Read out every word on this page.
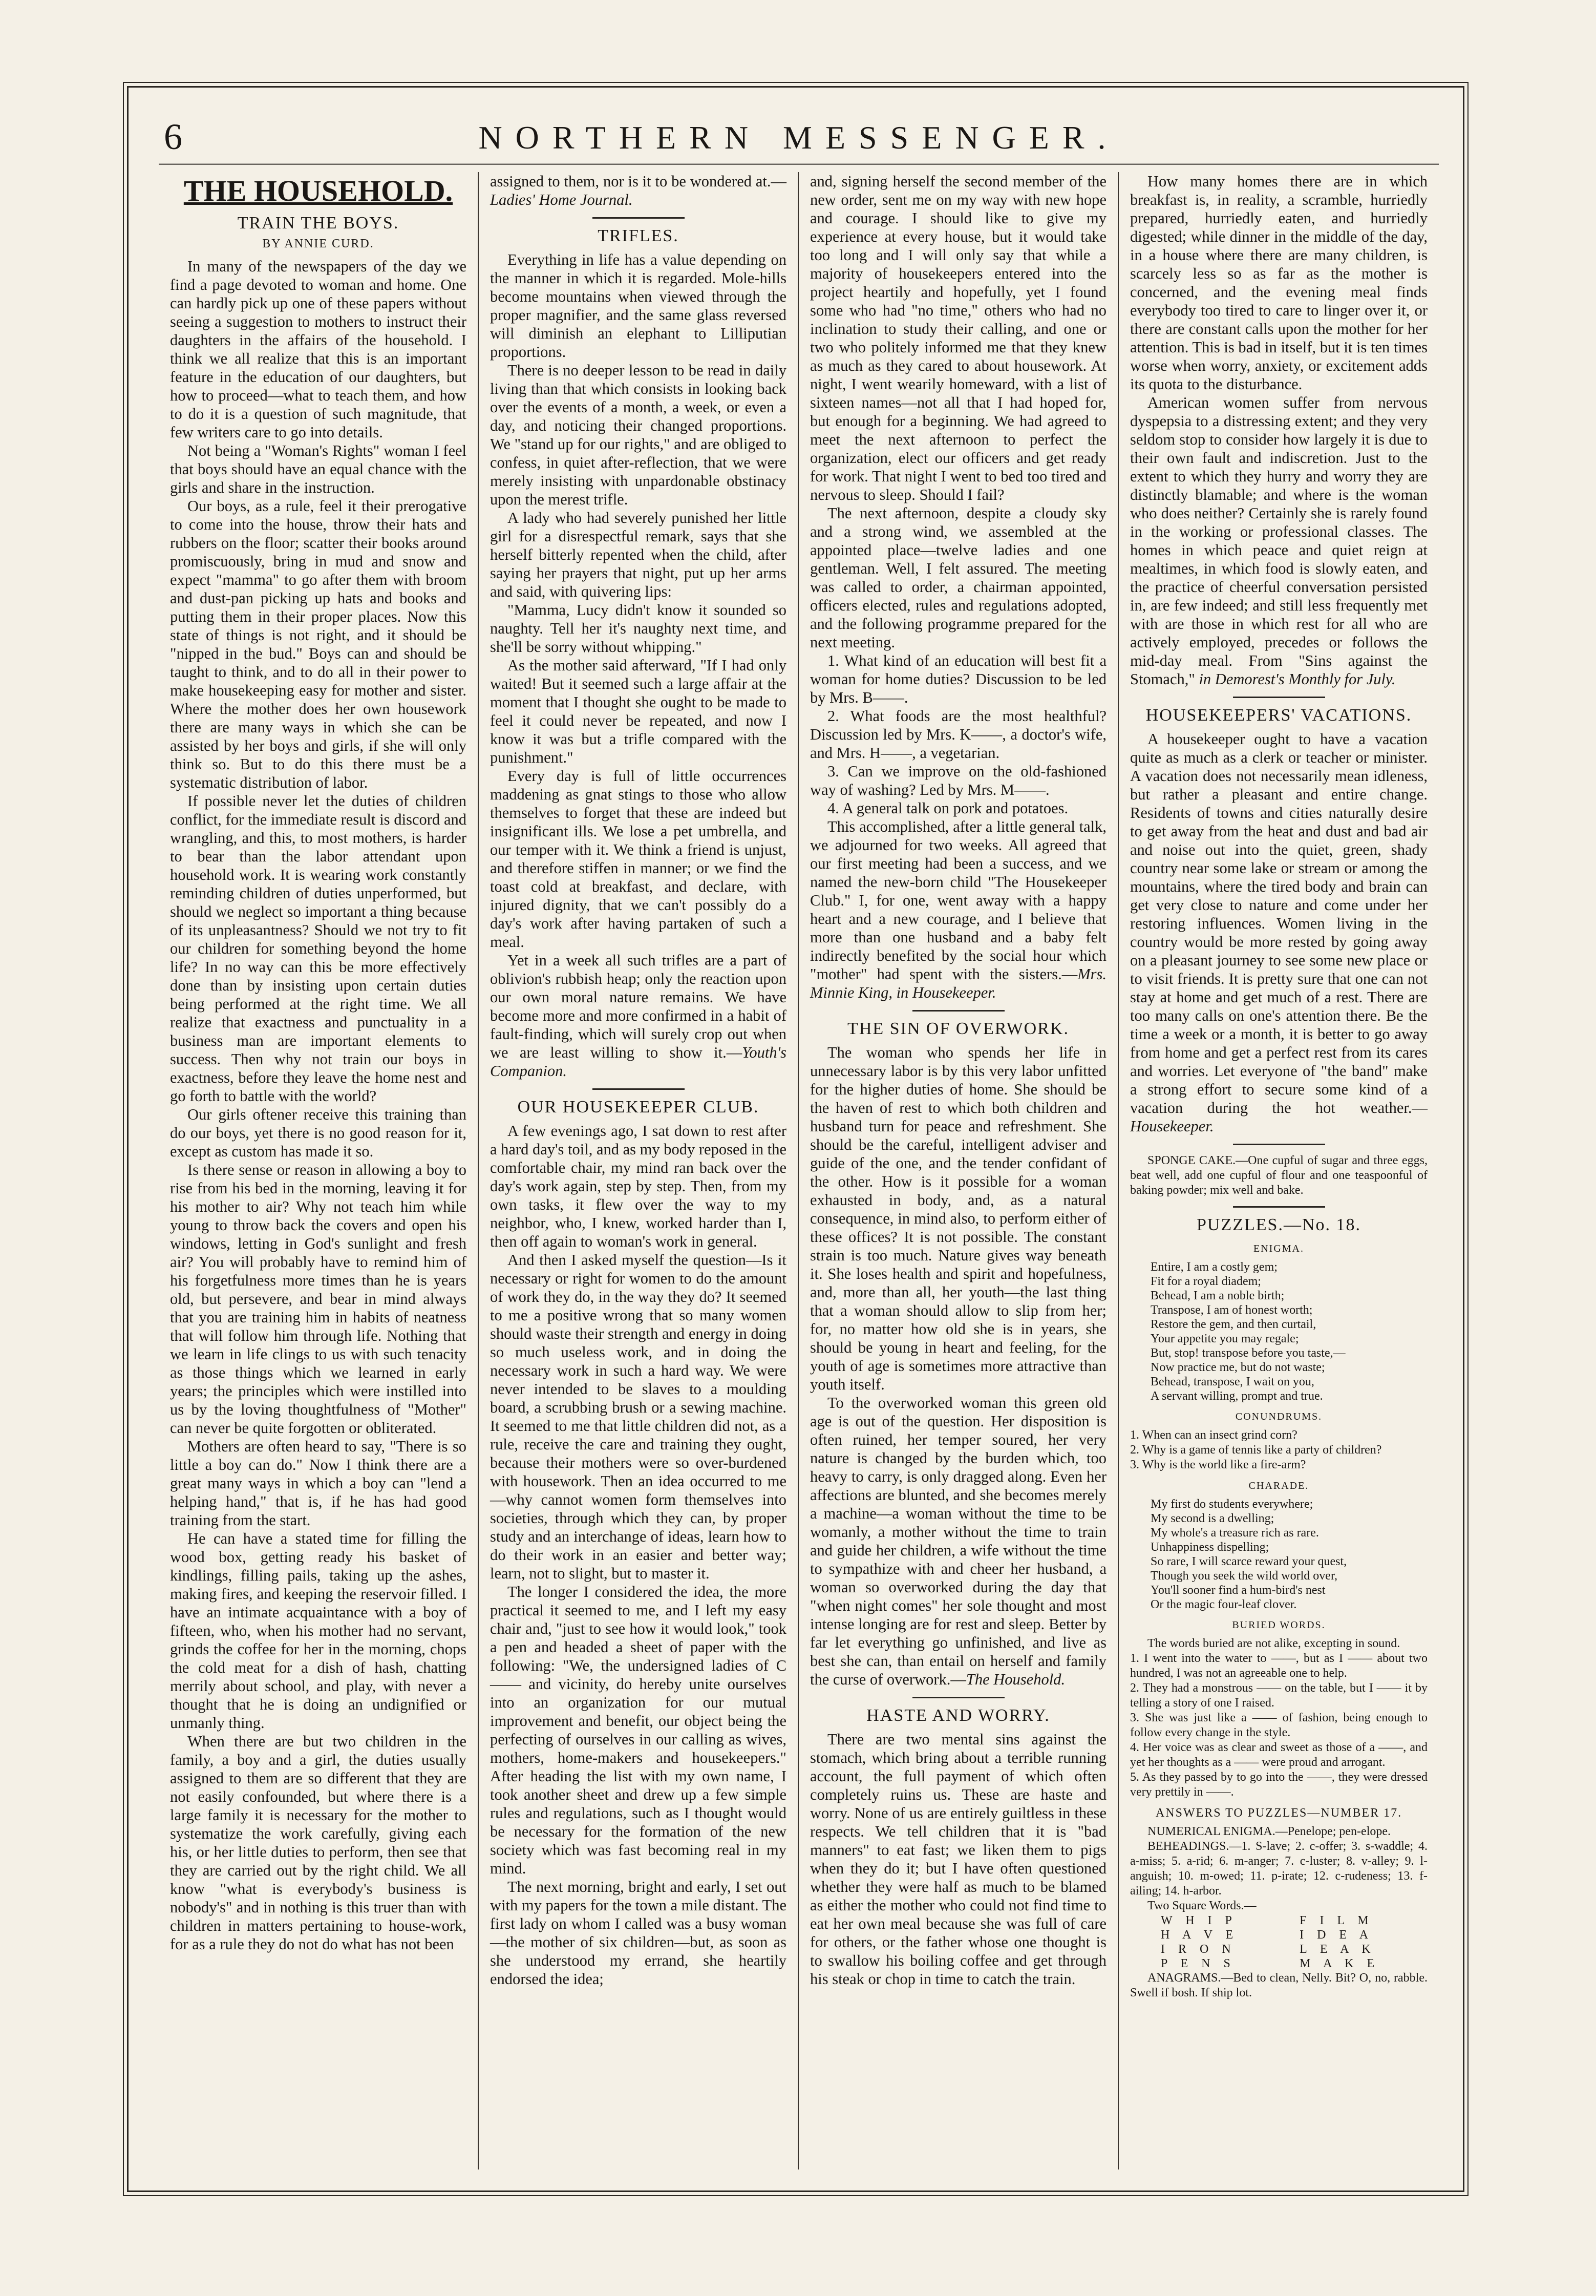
6	NORTHERN MESSENGER.
THE HOUSEHOLD.
TRAIN THE BOYS.
BY ANNIE CURD.

In many of the newspapers of the day we find a page devoted to woman and home. One can hardly pick up one of these papers without seeing a suggestion to mothers to instruct their daughters in the affairs of the household. I think we all realize that this is an important feature in the education of our daughters, but how to proceed—what to teach them, and how to do it is a question of such magnitude, that few writers care to go into details.

Not being a "Woman's Rights" woman I feel that boys should have an equal chance with the girls and share in the instruction.

Our boys, as a rule, feel it their prerogative to come into the house, throw their hats and rubbers on the floor; scatter their books around promiscuously, bring in mud and snow and expect "mamma" to go after them with broom and dust-pan picking up hats and books and putting them in their proper places. Now this state of things is not right, and it should be "nipped in the bud." Boys can and should be taught to think, and to do all in their power to make housekeeping easy for mother and sister. Where the mother does her own housework there are many ways in which she can be assisted by her boys and girls, if she will only think so. But to do this there must be a systematic distribution of labor.

If possible never let the duties of children conflict, for the immediate result is discord and wrangling, and this, to most mothers, is harder to bear than the labor attendant upon household work. It is wearing work constantly reminding children of duties unperformed, but should we neglect so important a thing because of its unpleasantness? Should we not try to fit our children for something beyond the home life? In no way can this be more effectively done than by insisting upon certain duties being performed at the right time. We all realize that exactness and punctuality in a business man are important elements to success. Then why not train our boys in exactness, before they leave the home nest and go forth to battle with the world?

Our girls oftener receive this training than do our boys, yet there is no good reason for it, except as custom has made it so.

Is there sense or reason in allowing a boy to rise from his bed in the morning, leaving it for his mother to air? Why not teach him while young to throw back the covers and open his windows, letting in God's sunlight and fresh air? You will probably have to remind him of his forgetfulness more times than he is years old, but persevere, and bear in mind always that you are training him in habits of neatness that will follow him through life. Nothing that we learn in life clings to us with such tenacity as those things which we learned in early years; the principles which were instilled into us by the loving thoughtfulness of "Mother" can never be quite forgotten or obliterated.

Mothers are often heard to say, "There is so little a boy can do." Now I think there are a great many ways in which a boy can "lend a helping hand," that is, if he has had good training from the start.

He can have a stated time for filling the wood box, getting ready his basket of kindlings, filling pails, taking up the ashes, making fires, and keeping the reservoir filled. I have an intimate acquaintance with a boy of fifteen, who, when his mother had no servant, grinds the coffee for her in the morning, chops the cold meat for a dish of hash, chatting merrily about school, and play, with never a thought that he is doing an undignified or unmanly thing.

When there are but two children in the family, a boy and a girl, the duties usually assigned to them are so different that they are not easily confounded, but where there is a large family it is necessary for the mother to systematize the work carefully, giving each his, or her little duties to perform, then see that they are carried out by the right child. We all know "what is everybody's business is nobody's" and in nothing is this truer than with children in matters pertaining to house-work, for as a rule they do not do what has not been

assigned to them, nor is it to be wondered at.—Ladies' Home Journal.

TRIFLES.

Everything in life has a value depending on the manner in which it is regarded. Mole-hills become mountains when viewed through the proper magnifier, and the same glass reversed will diminish an elephant to Lilliputian proportions.

There is no deeper lesson to be read in daily living than that which consists in looking back over the events of a month, a week, or even a day, and noticing their changed proportions. We "stand up for our rights," and are obliged to confess, in quiet after-reflection, that we were merely insisting with unpardonable obstinacy upon the merest trifle.

A lady who had severely punished her little girl for a disrespectful remark, says that she herself bitterly repented when the child, after saying her prayers that night, put up her arms and said, with quivering lips:

"Mamma, Lucy didn't know it sounded so naughty. Tell her it's naughty next time, and she'll be sorry without whipping."

As the mother said afterward, "If I had only waited! But it seemed such a large affair at the moment that I thought she ought to be made to feel it could never be repeated, and now I know it was but a trifle compared with the punishment."

Every day is full of little occurrences maddening as gnat stings to those who allow themselves to forget that these are indeed but insignificant ills. We lose a pet umbrella, and our temper with it. We think a friend is unjust, and therefore stiffen in manner; or we find the toast cold at breakfast, and declare, with injured dignity, that we can't possibly do a day's work after having partaken of such a meal.

Yet in a week all such trifles are a part of oblivion's rubbish heap; only the reaction upon our own moral nature remains. We have become more and more confirmed in a habit of fault-finding, which will surely crop out when we are least willing to show it.—Youth's Companion.

OUR HOUSEKEEPER CLUB.

A few evenings ago, I sat down to rest after a hard day's toil, and as my body reposed in the comfortable chair, my mind ran back over the day's work again, step by step. Then, from my own tasks, it flew over the way to my neighbor, who, I knew, worked harder than I, then off again to woman's work in general.

And then I asked myself the question—Is it necessary or right for women to do the amount of work they do, in the way they do? It seemed to me a positive wrong that so many women should waste their strength and energy in doing so much useless work, and in doing the necessary work in such a hard way. We were never intended to be slaves to a moulding board, a scrubbing brush or a sewing machine. It seemed to me that little children did not, as a rule, receive the care and training they ought, because their mothers were so over-burdened with housework. Then an idea occurred to me—why cannot women form themselves into societies, through which they can, by proper study and an interchange of ideas, learn how to do their work in an easier and better way; learn, not to slight, but to master it.

The longer I considered the idea, the more practical it seemed to me, and I left my easy chair and, "just to see how it would look," took a pen and headed a sheet of paper with the following: "We, the undersigned ladies of C—— and vicinity, do hereby unite ourselves into an organization for our mutual improvement and benefit, our object being the perfecting of ourselves in our calling as wives, mothers, home-makers and housekeepers." After heading the list with my own name, I took another sheet and drew up a few simple rules and regulations, such as I thought would be necessary for the formation of the new society which was fast becoming real in my mind.

The next morning, bright and early, I set out with my papers for the town a mile distant. The first lady on whom I called was a busy woman—the mother of six children—but, as soon as she understood my errand, she heartily endorsed the idea;

and, signing herself the second member of the new order, sent me on my way with new hope and courage. I should like to give my experience at every house, but it would take too long and I will only say that while a majority of housekeepers entered into the project heartily and hopefully, yet I found some who had "no time," others who had no inclination to study their calling, and one or two who politely informed me that they knew as much as they cared to about housework. At night, I went wearily homeward, with a list of sixteen names—not all that I had hoped for, but enough for a beginning. We had agreed to meet the next afternoon to perfect the organization, elect our officers and get ready for work. That night I went to bed too tired and nervous to sleep. Should I fail?

The next afternoon, despite a cloudy sky and a strong wind, we assembled at the appointed place—twelve ladies and one gentleman. Well, I felt assured. The meeting was called to order, a chairman appointed, officers elected, rules and regulations adopted, and the following programme prepared for the next meeting.

1. What kind of an education will best fit a woman for home duties? Discussion to be led by Mrs. B——.

2. What foods are the most healthful? Discussion led by Mrs. K——, a doctor's wife, and Mrs. H——, a vegetarian.

3. Can we improve on the old-fashioned way of washing? Led by Mrs. M——.

4. A general talk on pork and potatoes.

This accomplished, after a little general talk, we adjourned for two weeks. All agreed that our first meeting had been a success, and we named the new-born child "The Housekeeper Club." I, for one, went away with a happy heart and a new courage, and I believe that more than one husband and a baby felt indirectly benefited by the social hour which "mother" had spent with the sisters.—Mrs. Minnie King, in Housekeeper.

THE SIN OF OVERWORK.

The woman who spends her life in unnecessary labor is by this very labor unfitted for the higher duties of home. She should be the haven of rest to which both children and husband turn for peace and refreshment. She should be the careful, intelligent adviser and guide of the one, and the tender confidant of the other. How is it possible for a woman exhausted in body, and, as a natural consequence, in mind also, to perform either of these offices? It is not possible. The constant strain is too much. Nature gives way beneath it. She loses health and spirit and hopefulness, and, more than all, her youth—the last thing that a woman should allow to slip from her; for, no matter how old she is in years, she should be young in heart and feeling, for the youth of age is sometimes more attractive than youth itself.

To the overworked woman this green old age is out of the question. Her disposition is often ruined, her temper soured, her very nature is changed by the burden which, too heavy to carry, is only dragged along. Even her affections are blunted, and she becomes merely a machine—a woman without the time to be womanly, a mother without the time to train and guide her children, a wife without the time to sympathize with and cheer her husband, a woman so overworked during the day that "when night comes" her sole thought and most intense longing are for rest and sleep. Better by far let everything go unfinished, and live as best she can, than entail on herself and family the curse of overwork.—The Household.

HASTE AND WORRY.

There are two mental sins against the stomach, which bring about a terrible running account, the full payment of which often completely ruins us. These are haste and worry. None of us are entirely guiltless in these respects. We tell children that it is "bad manners" to eat fast; we liken them to pigs when they do it; but I have often questioned whether they were half as much to be blamed as either the mother who could not find time to eat her own meal because she was full of care for others, or the father whose one thought is to swallow his boiling coffee and get through his steak or chop in time to catch the train.

How many homes there are in which breakfast is, in reality, a scramble, hurriedly prepared, hurriedly eaten, and hurriedly digested; while dinner in the middle of the day, in a house where there are many children, is scarcely less so as far as the mother is concerned, and the evening meal finds everybody too tired to care to linger over it, or there are constant calls upon the mother for her attention. This is bad in itself, but it is ten times worse when worry, anxiety, or excitement adds its quota to the disturbance.

American women suffer from nervous dyspepsia to a distressing extent; and they very seldom stop to consider how largely it is due to their own fault and indiscretion. Just to the extent to which they hurry and worry they are distinctly blamable; and where is the woman who does neither? Certainly she is rarely found in the working or professional classes. The homes in which peace and quiet reign at mealtimes, in which food is slowly eaten, and the practice of cheerful conversation persisted in, are few indeed; and still less frequently met with are those in which rest for all who are actively employed, precedes or follows the mid-day meal. From "Sins against the Stomach," in Demorest's Monthly for July.

HOUSEKEEPERS' VACATIONS.

A housekeeper ought to have a vacation quite as much as a clerk or teacher or minister. A vacation does not necessarily mean idleness, but rather a pleasant and entire change. Residents of towns and cities naturally desire to get away from the heat and dust and bad air and noise out into the quiet, green, shady country near some lake or stream or among the mountains, where the tired body and brain can get very close to nature and come under her restoring influences. Women living in the country would be more rested by going away on a pleasant journey to see some new place or to visit friends. It is pretty sure that one can not stay at home and get much of a rest. There are too many calls on one's attention there. Be the time a week or a month, it is better to go away from home and get a perfect rest from its cares and worries. Let everyone of "the band" make a strong effort to secure some kind of a vacation during the hot weather.—Housekeeper.

SPONGE CAKE.—One cupful of sugar and three eggs, beat well, add one cupful of flour and one teaspoonful of baking powder; mix well and bake.

PUZZLES.—No. 18.
ENIGMA.
Entire, I am a costly gem;
Fit for a royal diadem;
Behead, I am a noble birth;
Transpose, I am of honest worth;
Restore the gem, and then curtail,
Your appetite you may regale;
But, stop! transpose before you taste,—
Now practice me, but do not waste;
Behead, transpose, I wait on you,
A servant willing, prompt and true.
CONUNDRUMS.

1. When can an insect grind corn?

2. Why is a game of tennis like a party of children?

3. Why is the world like a fire-arm?

CHARADE.
My first do students everywhere;
My second is a dwelling;
My whole's a treasure rich as rare.
Unhappiness dispelling;
So rare, I will scarce reward your quest,
Though you seek the wild world over,
You'll sooner find a hum-bird's nest
Or the magic four-leaf clover.
BURIED WORDS.

The words buried are not alike, excepting in sound.

1. I went into the water to ——, but as I —— about two hundred, I was not an agreeable one to help.

2. They had a monstrous —— on the table, but I —— it by telling a story of one I raised.

3. She was just like a —— of fashion, being enough to follow every change in the style.

4. Her voice was as clear and sweet as those of a ——, and yet her thoughts as a —— were proud and arrogant.

5. As they passed by to go into the ——, they were dressed very prettily in ——.

ANSWERS TO PUZZLES—NUMBER 17.

NUMERICAL ENIGMA.—Penelope; pen-elope.

BEHEADINGS.—1. S-lave; 2. c-offer; 3. s-waddle; 4. a-miss; 5. a-rid; 6. m-anger; 7. c-luster; 8. v-alley; 9. l-anguish; 10. m-owed; 11. p-irate; 12. c-rudeness; 13. f-ailing; 14. h-arbor.

Two Square Words.—

W H I P
H A V E
I R O N
P E N S
F I L M
I D E A
L E A K
M A K E

ANAGRAMS.—Bed to clean, Nelly. Bit? O, no, rabble. Swell if bosh. If ship lot.
